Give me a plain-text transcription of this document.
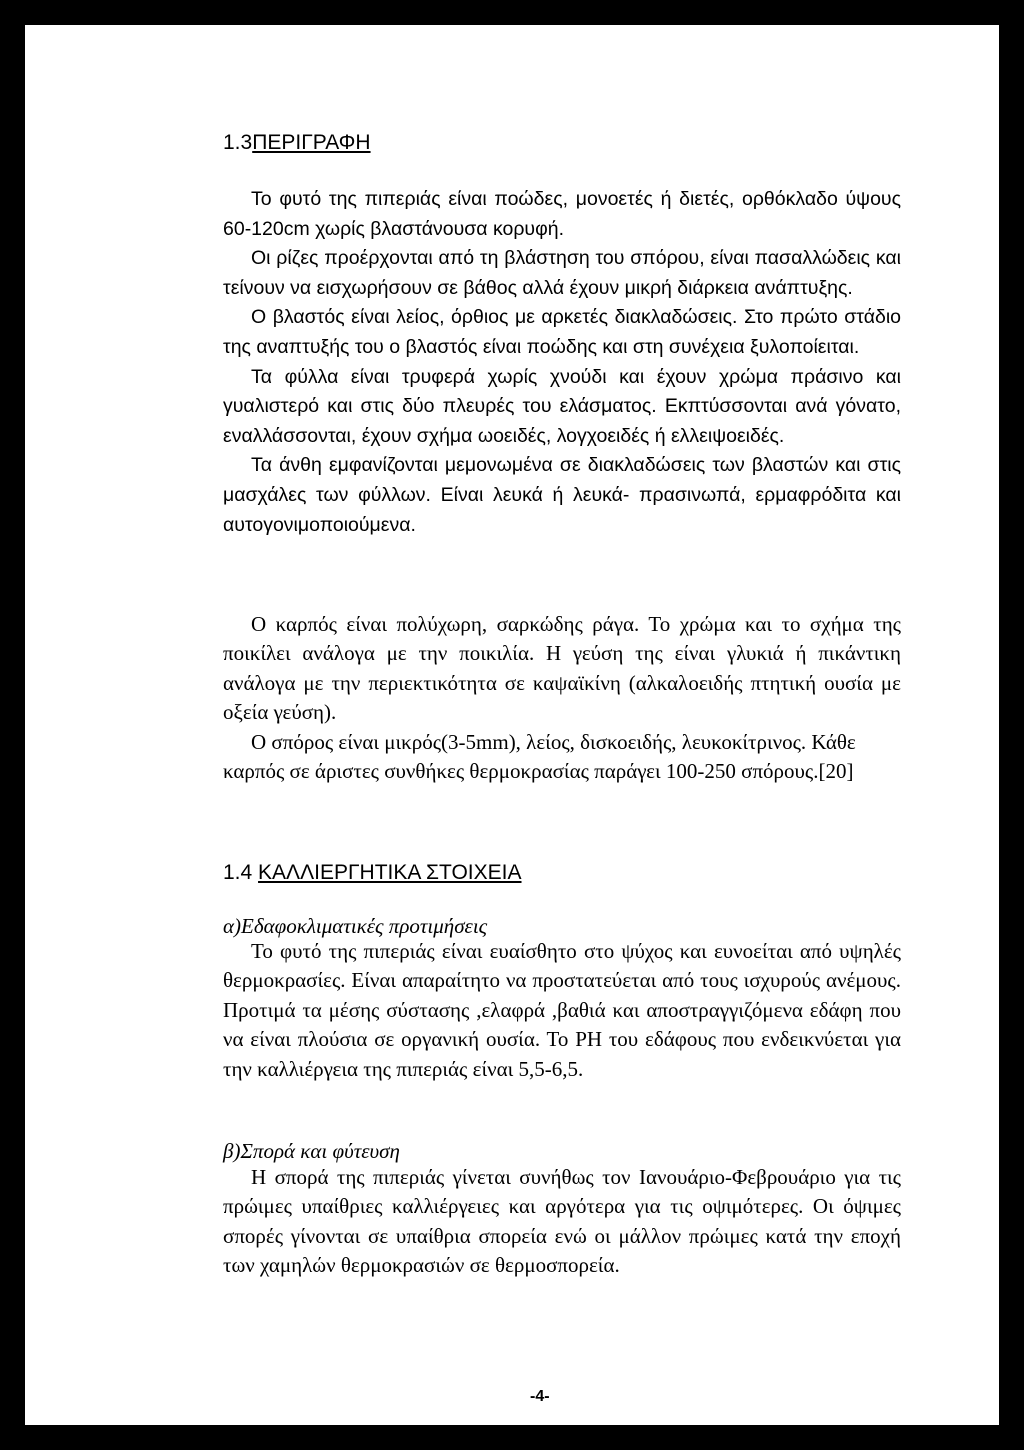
1.3ΠΕΡΙΓΡΑΦΗ

Το φυτό της πιπεριάς είναι ποώδες, μονοετές ή διετές, ορθόκλαδο ύψους 60-120cm χωρίς βλαστάνουσα κορυφή.

Οι ρίζες προέρχονται από τη βλάστηση του σπόρου, είναι πασαλλώδεις και τείνουν να εισχωρήσουν σε βάθος αλλά έχουν μικρή διάρκεια ανάπτυξης.

Ο βλαστός είναι λείος, όρθιος με αρκετές διακλαδώσεις. Στο πρώτο στάδιο της αναπτυξής του ο βλαστός είναι ποώδης και στη συνέχεια ξυλοποίειται.

Τα φύλλα είναι τρυφερά χωρίς χνούδι και έχουν χρώμα πράσινο και γυαλιστερό και στις δύο πλευρές του ελάσματος. Εκπτύσσονται ανά γόνατο, εναλλάσσονται, έχουν σχήμα ωοειδές, λογχοειδές ή ελλειψοειδές.

Τα άνθη εμφανίζονται μεμονωμένα σε διακλαδώσεις των βλαστών και στις μασχάλες των φύλλων. Είναι λευκά ή λευκά- πρασινωπά, ερμαφρόδιτα και αυτογονιμοποιούμενα.

Ο καρπός είναι πολύχωρη, σαρκώδης ράγα. Το χρώμα και το σχήμα της ποικίλει ανάλογα με την ποικιλία. Η γεύση της είναι γλυκιά ή πικάντικη ανάλογα με την περιεκτικότητα σε καψαϊκίνη (αλκαλοειδής πτητική ουσία με οξεία γεύση).

Ο σπόρος είναι μικρός(3-5mm), λείος, δισκοειδής, λευκοκίτρινος. Κάθε καρπός σε άριστες συνθήκες θερμοκρασίας παράγει 100-250 σπόρους.[20]

1.4 ΚΑΛΛΙΕΡΓΗΤΙΚΑ ΣΤΟΙΧΕΙΑ
α)Εδαφοκλιματικές προτιμήσεις

Το φυτό της πιπεριάς είναι ευαίσθητο στο ψύχος και ευνοείται από υψηλές θερμοκρασίες. Είναι απαραίτητο να προστατεύεται από τους ισχυρούς ανέμους. Προτιμά τα μέσης σύστασης ,ελαφρά ,βαθιά και αποστραγγιζόμενα εδάφη που να είναι πλούσια σε οργανική ουσία. Το PH του εδάφους που ενδεικνύεται για την καλλιέργεια της πιπεριάς είναι 5,5-6,5.

β)Σπορά και φύτευση

Η σπορά της πιπεριάς γίνεται συνήθως τον Ιανουάριο-Φεβρουάριο για τις πρώιμες υπαίθριες καλλιέργειες και αργότερα για τις οψιμότερες. Οι όψιμες σπορές γίνονται σε υπαίθρια σπορεία ενώ οι μάλλον πρώιμες κατά την εποχή των χαμηλών θερμοκρασιών σε θερμοσπορεία.

-4-
